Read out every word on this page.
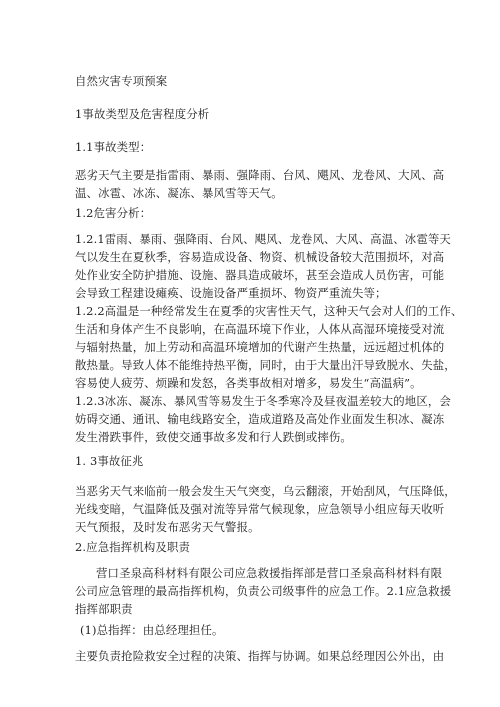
自然灾害专项预案
1事故类型及危害程度分析
1.1事故类型：
恶劣天气主要是指雷雨、暴雨、强降雨、台风、飓风、龙卷风、大风、高
温、冰雹、冰冻、凝冻、暴风雪等天气。
1.2危害分析：
1.2.1雷雨、暴雨、强降雨、台风、飓风、龙卷风、大风、高温、冰雹等天
气以发生在夏秋季，容易造成设备、物资、机械设备较大范围损坏，对高
处作业安全防护措施、设施、器具造成破坏，甚至会造成人员伤害，可能
会导致工程建设瘫痪、设施设备严重损坏、物资严重流失等；
1.2.2高温是一种经常发生在夏季的灾害性天气，这种天气会对人们的工作、
生活和身体产生不良影响，在高温环境下作业，人体从高湿环境接受对流
与辐射热量，加上劳动和高温环境增加的代谢产生热量，远远超过机体的
散热量。导致人体不能维持热平衡，同时，由于大量出汗导致脱水、失盐，
容易使人疲劳、烦躁和发怒，各类事故相对增多，易发生“高温病”。
1.2.3冰冻、凝冻、暴风雪等易发生于冬季寒冷及昼夜温差较大的地区，会
妨碍交通、通讯、输电线路安全，造成道路及高处作业面发生积冰、凝冻
发生滑跌事件，致使交通事故多发和行人跌倒或摔伤。
1. 3事故征兆
当恶劣天气来临前一般会发生天气突变，乌云翻滚，开始刮风，气压降低，
光线变暗，气温降低及强对流等异常气候现象，应急领导小组应每天收听
天气预报，及时发布恶劣天气警报。
2.应急指挥机构及职责
营口圣泉高科材料有限公司应急救援指挥部是营口圣泉高科材料有限
公司应急管理的最高指挥机构，负责公司级事件的应急工作。2.1应急救援
指挥部职责
(1)总指挥：由总经理担任。
主要负责抢险救安全过程的决策、指挥与协调。如果总经理因公外出，由
